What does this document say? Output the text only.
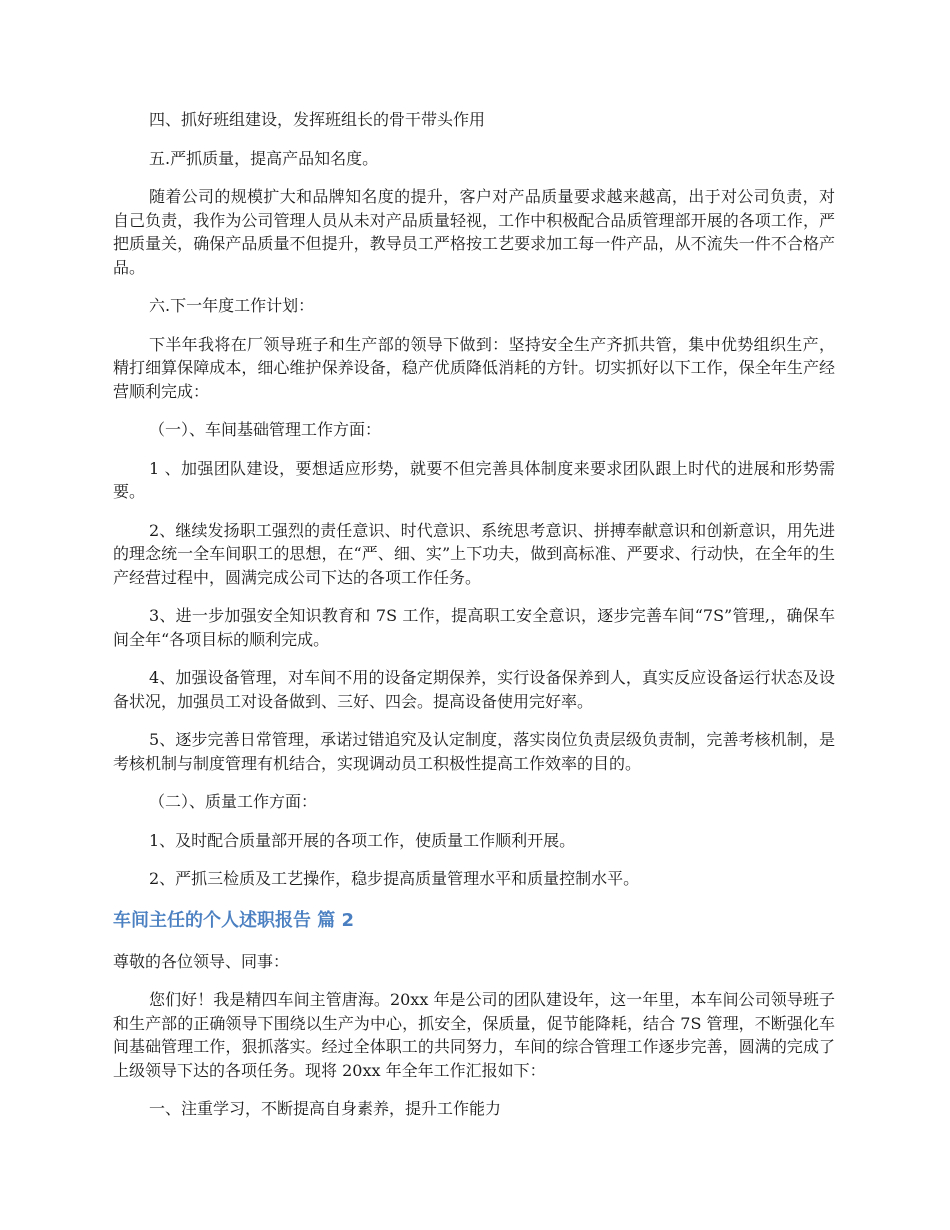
四、抓好班组建设，发挥班组长的骨干带头作用

五.严抓质量，提高产品知名度。

随着公司的规模扩大和品牌知名度的提升，客户对产品质量要求越来越高，出于对公司负责，对自己负责，我作为公司管理人员从未对产品质量轻视，工作中积极配合品质管理部开展的各项工作，严把质量关，确保产品质量不但提升，教导员工严格按工艺要求加工每一件产品，从不流失一件不合格产品。

六.下一年度工作计划：

下半年我将在厂领导班子和生产部的领导下做到：坚持安全生产齐抓共管，集中优势组织生产，精打细算保障成本，细心维护保养设备，稳产优质降低消耗的方针。切实抓好以下工作，保全年生产经营顺利完成：

（一）、车间基础管理工作方面：

1 、加强团队建设，要想适应形势，就要不但完善具体制度来要求团队跟上时代的进展和形势需要。

2、继续发扬职工强烈的责任意识、时代意识、系统思考意识、拼搏奉献意识和创新意识，用先进的理念统一全车间职工的思想，在“严、细、实”上下功夫，做到高标准、严要求、行动快，在全年的生产经营过程中，圆满完成公司下达的各项工作任务。

3、进一步加强安全知识教育和 7S 工作，提高职工安全意识，逐步完善车间“7S”管理,，确保车间全年“各项目标的顺利完成。

4、加强设备管理，对车间不用的设备定期保养，实行设备保养到人，真实反应设备运行状态及设备状况，加强员工对设备做到、三好、四会。提高设备使用完好率。

5、逐步完善日常管理，承诺过错追究及认定制度，落实岗位负责层级负责制，完善考核机制，是考核机制与制度管理有机结合，实现调动员工积极性提高工作效率的目的。

（二）、质量工作方面：

1、及时配合质量部开展的各项工作，使质量工作顺利开展。

2、严抓三检质及工艺操作，稳步提高质量管理水平和质量控制水平。

车间主任的个人述职报告 篇 2

尊敬的各位领导、同事：

您们好！我是精四车间主管唐海。20xx 年是公司的团队建设年，这一年里，本车间公司领导班子和生产部的正确领导下围绕以生产为中心，抓安全，保质量，促节能降耗，结合 7S 管理，不断强化车间基础管理工作，狠抓落实。经过全体职工的共同努力，车间的综合管理工作逐步完善，圆满的完成了上级领导下达的各项任务。现将 20xx 年全年工作汇报如下：

一、注重学习，不断提高自身素养，提升工作能力
